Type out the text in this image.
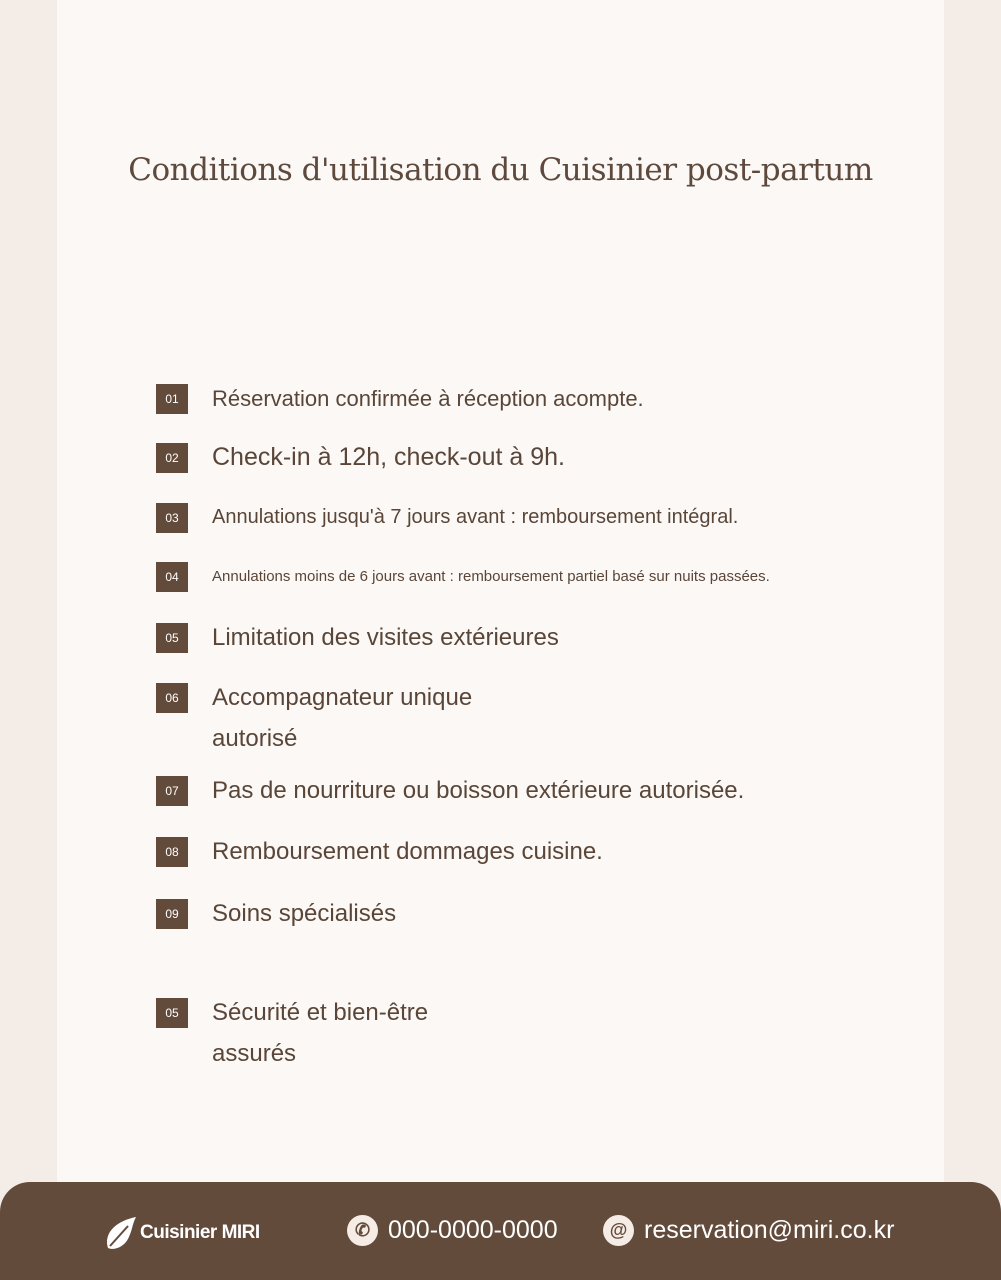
Conditions d'utilisation du Cuisinier post-partum
01	Réservation confirmée à réception acompte.
02	Check-in à 12h, check-out à 9h.
03	Annulations jusqu'à 7 jours avant : remboursement intégral.
04	Annulations moins de 6 jours avant : remboursement partiel basé sur nuits passées.
05	Limitation des visites extérieures
06	Accompagnateur unique autorisé
07	Pas de nourriture ou boisson extérieure autorisée.
08	Remboursement dommages cuisine.
09	Soins spécialisés
05	Sécurité et bien-être assurés
Cuisinier MIRI	✆ 000-0000-0000	@ reservation@miri.co.kr
